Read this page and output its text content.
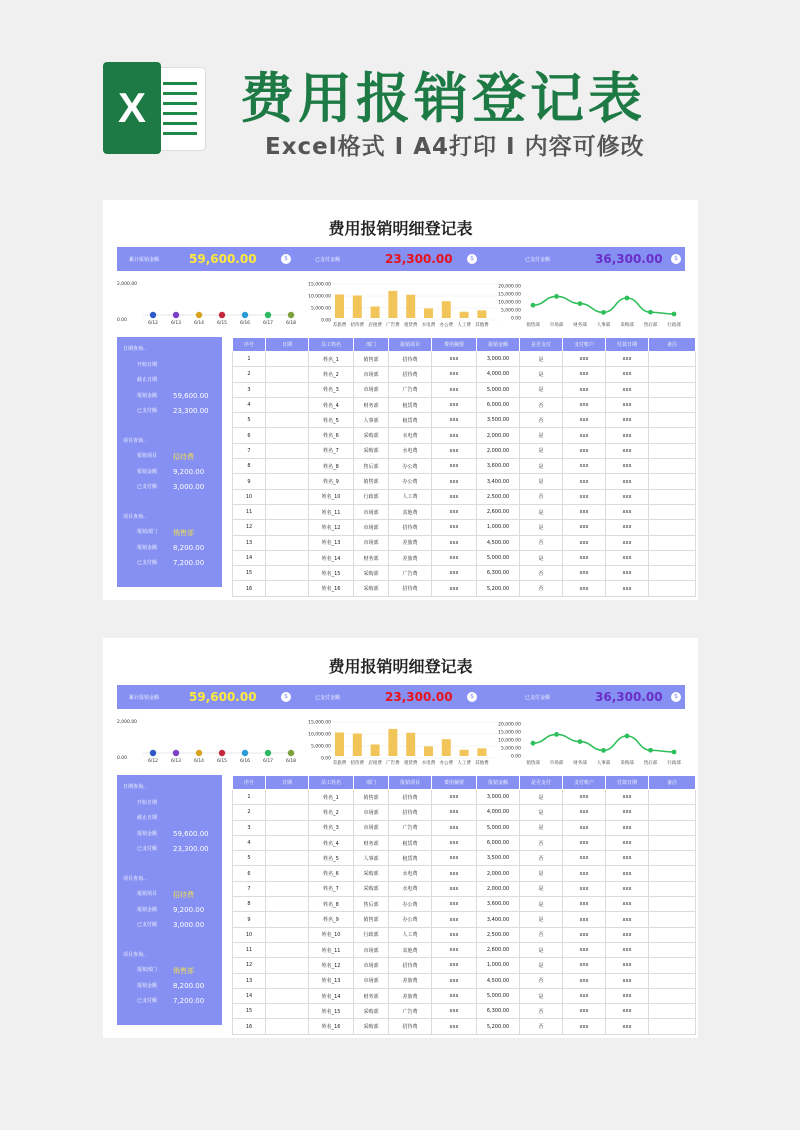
X 费用报销登记表
Excel格式 I A4打印 I 内容可修改
费用报销明细登记表
累计报销金额 59,600.00	$	已支付金额	23,300.00	$	已支付金额	36,300.00	$
2,000.00
0.00
6/12	6/13	6/14	6/15	6/16	6/17	6/18
15,000.00
10,000.00
5,000.00
0.00
差旅费 招待费 店租费 广告费 租赁费 水电费 办公费 人工费 其他费
20,000.00
15,000.00
10,000.00
5,000.00
0.00
销售部 市场部 财务部 人事部 采购部 售后部 行政部
日期查询..
开始日期
截止日期
报销金额 59,600.00
已支付额 23,300.00
项目查询..
报销项目 招待费
报销金额 9,200.00
已支付额 3,000.00
项目查询..
报销部门 销售部
报销金额 8,200.00
已支付额 7,200.00
序号	日期	员工姓名	部门	报销项目	费用摘要	报销金额	是否支付	支付账户	付款日期	备注
1		姓名_1	销售部	招待费	xxx	3,000.00	是	xxx	xxx	
2		姓名_2	市场部	招待费	xxx	4,000.00	是	xxx	xxx	
3		姓名_3	市场部	广告费	xxx	5,000.00	是	xxx	xxx	
4		姓名_4	财务部	租赁费	xxx	6,000.00	否	xxx	xxx	
5		姓名_5	人事部	租赁费	xxx	3,500.00	否	xxx	xxx	
6		姓名_6	采购部	水电费	xxx	2,000.00	是	xxx	xxx	
7		姓名_7	采购部	水电费	xxx	2,000.00	是	xxx	xxx	
8		姓名_8	售后部	办公费	xxx	3,600.00	是	xxx	xxx	
9		姓名_9	销售部	办公费	xxx	3,400.00	是	xxx	xxx	
10		姓名_10	行政部	人工费	xxx	2,500.00	否	xxx	xxx	
11		姓名_11	市场部	其他费	xxx	2,600.00	是	xxx	xxx	
12		姓名_12	市场部	招待费	xxx	1,000.00	是	xxx	xxx	
13		姓名_13	市场部	差旅费	xxx	4,500.00	否	xxx	xxx	
14		姓名_14	财务部	差旅费	xxx	5,000.00	是	xxx	xxx	
15		姓名_15	采购部	广告费	xxx	6,300.00	否	xxx	xxx	
16		姓名_16	采购部	招待费	xxx	5,200.00	否	xxx	xxx	
费用报销明细登记表
累计报销金额 59,600.00	$	已支付金额	23,300.00	$	已支付金额	36,300.00	$
2,000.00
0.00
6/12	6/13	6/14	6/15	6/16	6/17	6/18
15,000.00
10,000.00
5,000.00
0.00
差旅费 招待费 店租费 广告费 租赁费 水电费 办公费 人工费 其他费
20,000.00
15,000.00
10,000.00
5,000.00
0.00
销售部 市场部 财务部 人事部 采购部 售后部 行政部
日期查询..
开始日期
截止日期
报销金额 59,600.00
已支付额 23,300.00
项目查询..
报销项目 招待费
报销金额 9,200.00
已支付额 3,000.00
项目查询..
报销部门 销售部
报销金额 8,200.00
已支付额 7,200.00
序号	日期	员工姓名	部门	报销项目	费用摘要	报销金额	是否支付	支付账户	付款日期	备注
1		姓名_1	销售部	招待费	xxx	3,000.00	是	xxx	xxx	
2		姓名_2	市场部	招待费	xxx	4,000.00	是	xxx	xxx	
3		姓名_3	市场部	广告费	xxx	5,000.00	是	xxx	xxx	
4		姓名_4	财务部	租赁费	xxx	6,000.00	否	xxx	xxx	
5		姓名_5	人事部	租赁费	xxx	3,500.00	否	xxx	xxx	
6		姓名_6	采购部	水电费	xxx	2,000.00	是	xxx	xxx	
7		姓名_7	采购部	水电费	xxx	2,000.00	是	xxx	xxx	
8		姓名_8	售后部	办公费	xxx	3,600.00	是	xxx	xxx	
9		姓名_9	销售部	办公费	xxx	3,400.00	是	xxx	xxx	
10		姓名_10	行政部	人工费	xxx	2,500.00	否	xxx	xxx	
11		姓名_11	市场部	其他费	xxx	2,600.00	是	xxx	xxx	
12		姓名_12	市场部	招待费	xxx	1,000.00	是	xxx	xxx	
13		姓名_13	市场部	差旅费	xxx	4,500.00	否	xxx	xxx	
14		姓名_14	财务部	差旅费	xxx	5,000.00	是	xxx	xxx	
15		姓名_15	采购部	广告费	xxx	6,300.00	否	xxx	xxx	
16		姓名_16	采购部	招待费	xxx	5,200.00	否	xxx	xxx	
